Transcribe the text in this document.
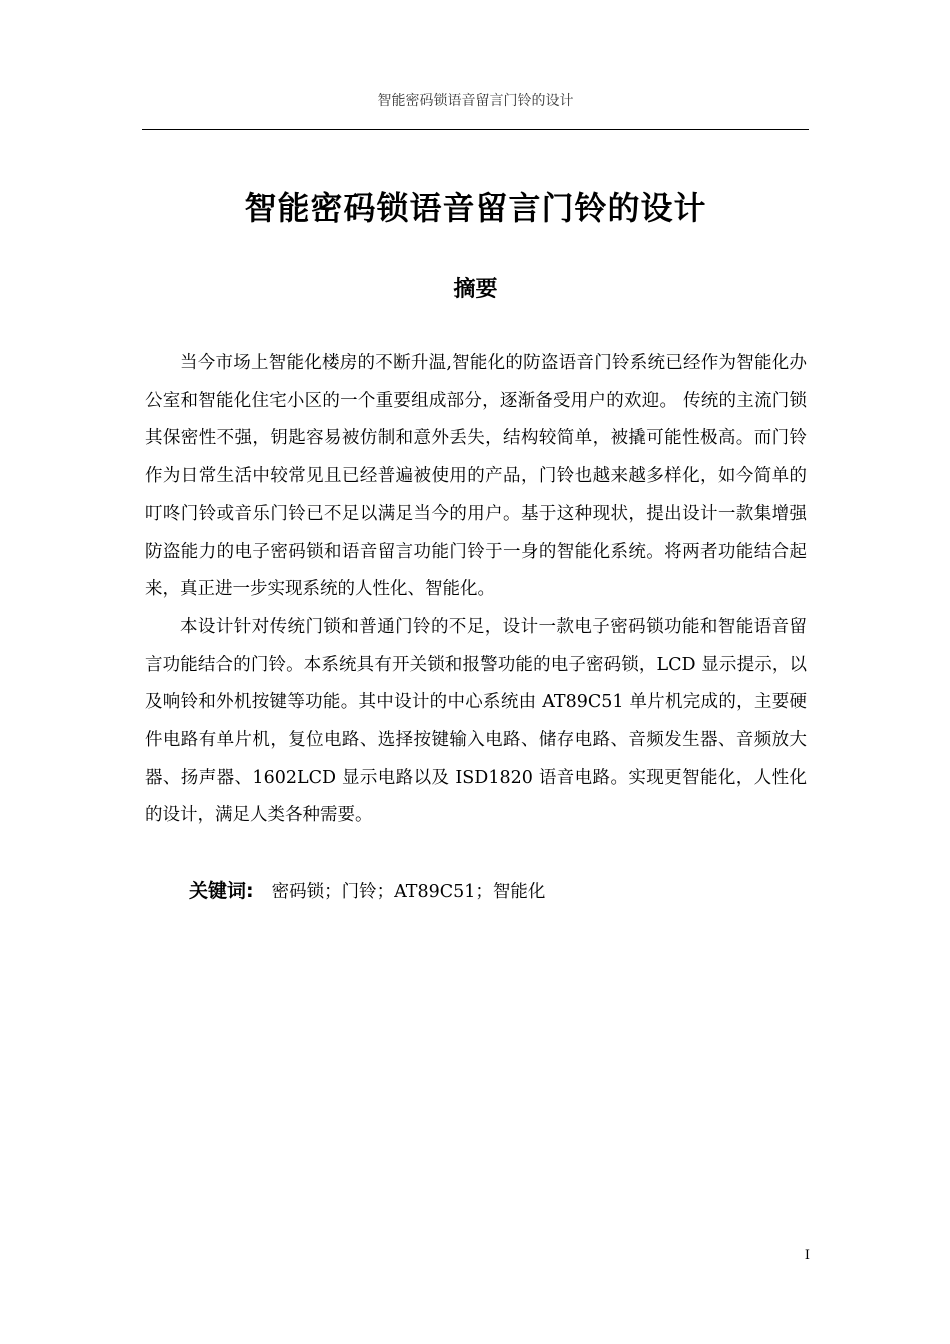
智能密码锁语音留言门铃的设计
智能密码锁语音留言门铃的设计
摘要

当今市场上智能化楼房的不断升温,智能化的防盗语音门铃系统已经作为智能化办公室和智能化住宅小区的一个重要组成部分，逐渐备受用户的欢迎。 传统的主流门锁其保密性不强，钥匙容易被仿制和意外丢失，结构较简单，被撬可能性极高。而门铃作为日常生活中较常见且已经普遍被使用的产品，门铃也越来越多样化，如今简单的叮咚门铃或音乐门铃已不足以满足当今的用户。基于这种现状，提出设计一款集增强防盗能力的电子密码锁和语音留言功能门铃于一身的智能化系统。将两者功能结合起来，真正进一步实现系统的人性化、智能化。

本设计针对传统门锁和普通门铃的不足，设计一款电子密码锁功能和智能语音留言功能结合的门铃。本系统具有开关锁和报警功能的电子密码锁，LCD 显示提示，以及响铃和外机按键等功能。其中设计的中心系统由 AT89C51 单片机完成的，主要硬件电路有单片机，复位电路、选择按键输入电路、储存电路、音频发生器、音频放大器、扬声器、1602LCD 显示电路以及 ISD1820 语音电路。实现更智能化，人性化的设计，满足人类各种需要。

关键词: 密码锁；门铃；AT89C51；智能化
I
